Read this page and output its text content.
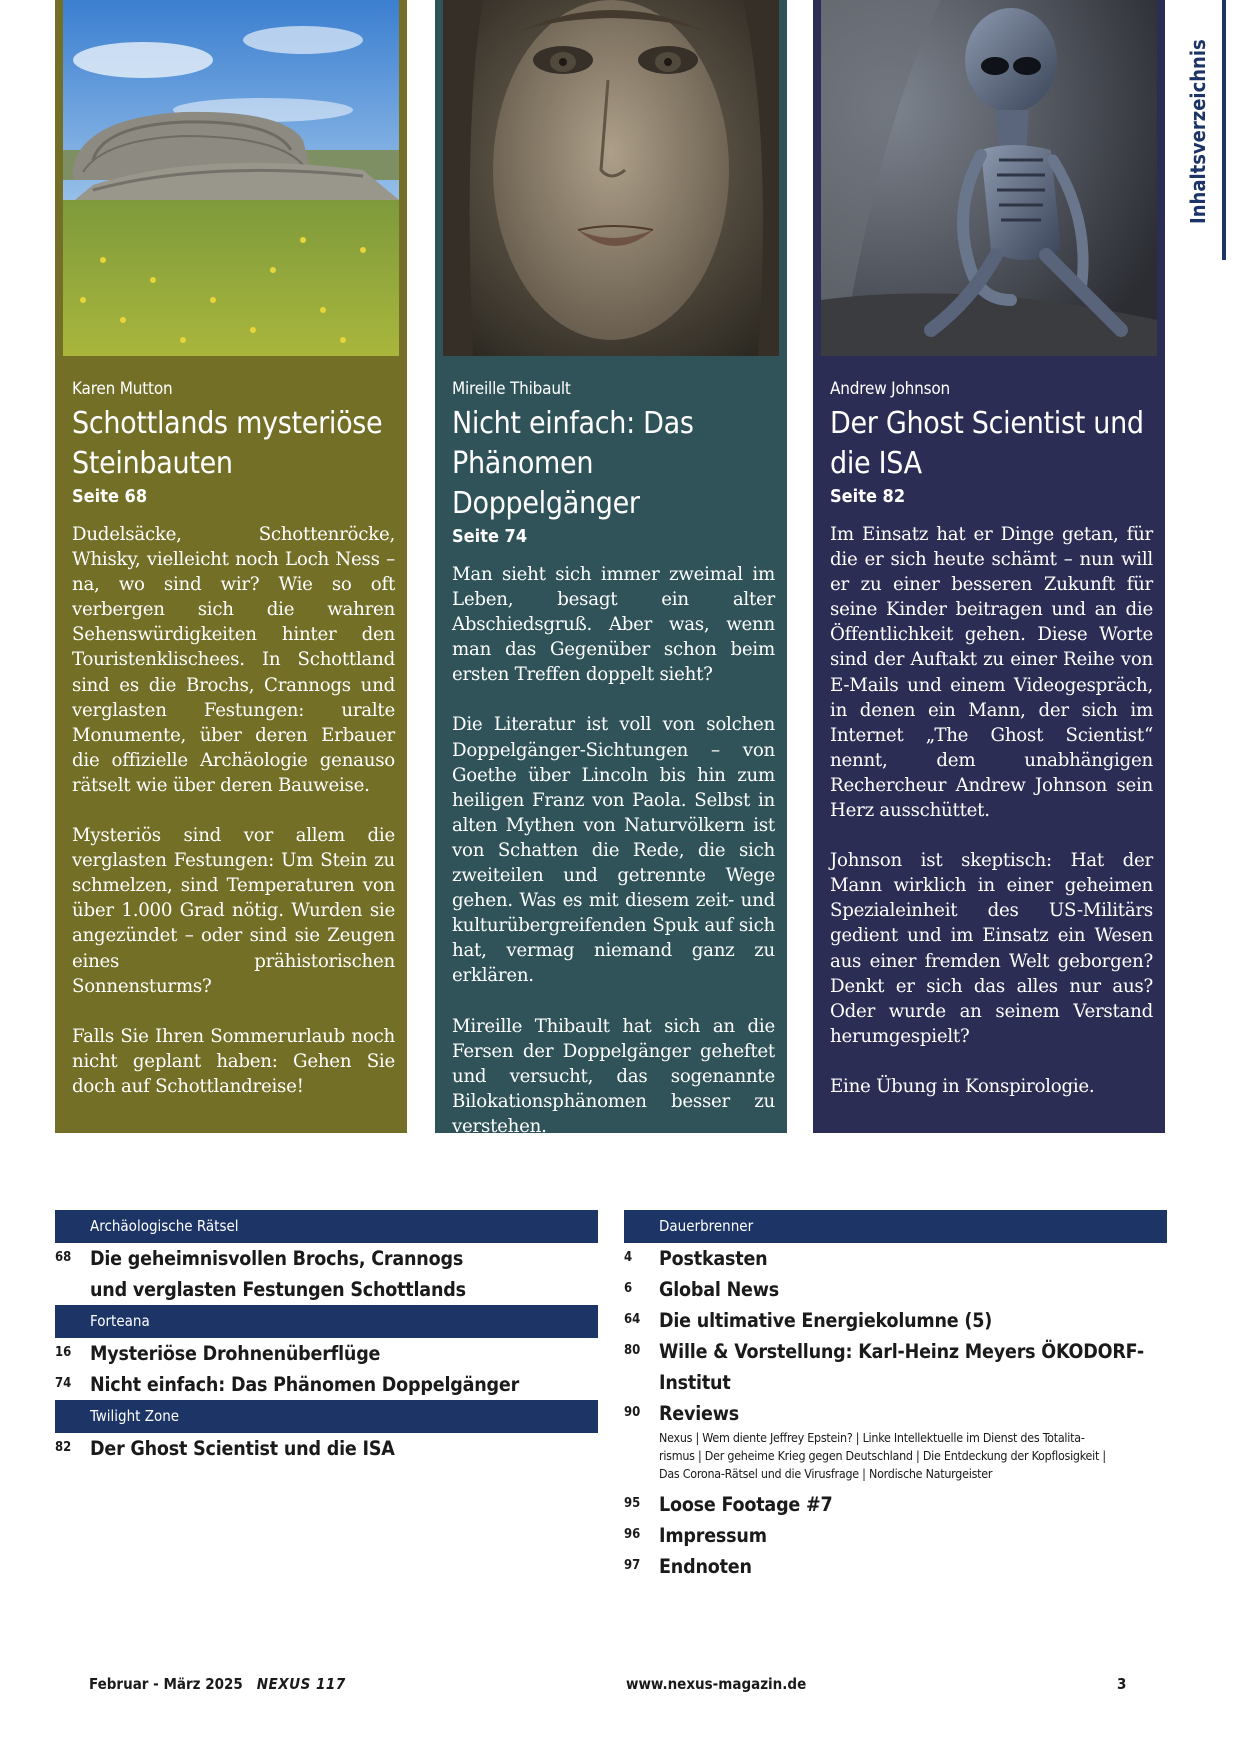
Karen Mutton
Schottlands mysteriöse Steinbauten
Seite 68

Dudelsäcke, Schottenröcke, Whisky, vielleicht noch Loch Ness – na, wo sind wir? Wie so oft verbergen sich die wahren Sehenswürdigkeiten hinter den Touristenklischees. In Schottland sind es die Brochs, Crannogs und verglasten Festungen: uralte Monumente, über deren Erbauer die offizielle Archäologie genauso rätselt wie über deren Bauweise.

Mysteriös sind vor allem die verglasten Festungen: Um Stein zu schmelzen, sind Temperaturen von über 1.000 Grad nötig. Wurden sie angezündet – oder sind sie Zeugen eines prähistorischen Sonnensturms?

Falls Sie Ihren Sommerurlaub noch nicht geplant haben: Gehen Sie doch auf Schottlandreise!

Mireille Thibault
Nicht einfach: Das Phänomen Doppelgänger
Seite 74

Man sieht sich immer zweimal im Leben, besagt ein alter Abschiedsgruß. Aber was, wenn man das Gegenüber schon beim ersten Treffen doppelt sieht?

Die Literatur ist voll von solchen Doppelgänger-Sichtungen – von Goethe über Lincoln bis hin zum heiligen Franz von Paola. Selbst in alten Mythen von Naturvölkern ist von Schatten die Rede, die sich zweiteilen und getrennte Wege gehen. Was es mit diesem zeit- und kulturübergreifenden Spuk auf sich hat, vermag niemand ganz zu erklären.

Mireille Thibault hat sich an die Fersen der Doppelgänger geheftet und versucht, das sogenannte Bilokationsphänomen besser zu verstehen.

Andrew Johnson
Der Ghost Scientist und die ISA
Seite 82

Im Einsatz hat er Dinge getan, für die er sich heute schämt – nun will er zu einer besseren Zukunft für seine Kinder beitragen und an die Öffentlichkeit gehen. Diese Worte sind der Auftakt zu einer Reihe von E-Mails und einem Videogespräch, in denen ein Mann, der sich im Internet „The Ghost Scientist“ nennt, dem unabhängigen Rechercheur Andrew Johnson sein Herz ausschüttet.

Johnson ist skeptisch: Hat der Mann wirklich in einer geheimen Spezialeinheit des US-Militärs gedient und im Einsatz ein Wesen aus einer fremden Welt geborgen? Denkt er sich das alles nur aus? Oder wurde an seinem Verstand herumgespielt?

Eine Übung in Konspirologie.

Inhaltsverzeichnis
Archäologische Rätsel
68 Die geheimnisvollen Brochs, Crannogs
und verglasten Festungen Schottlands
Forteana
16 Mysteriöse Drohnenüberflüge
74 Nicht einfach: Das Phänomen Doppelgänger
Twilight Zone
82 Der Ghost Scientist und die ISA
Dauerbrenner
4 Postkasten
6 Global News
64 Die ultimative Energiekolumne (5)
80 Wille & Vorstellung: Karl-Heinz Meyers ÖKODORF-Institut
90 Reviews
Nexus | Wem diente Jeffrey Epstein? | Linke Intellektuelle im Dienst des Totalita-
rismus | Der geheime Krieg gegen Deutschland | Die Entdeckung der Kopflosigkeit |
Das Corona-Rätsel und die Virusfrage | Nordische Naturgeister
95 Loose Footage #7
96 Impressum
97 Endnoten
Februar - März 2025 NEXUS 117	www.nexus-magazin.de	3
